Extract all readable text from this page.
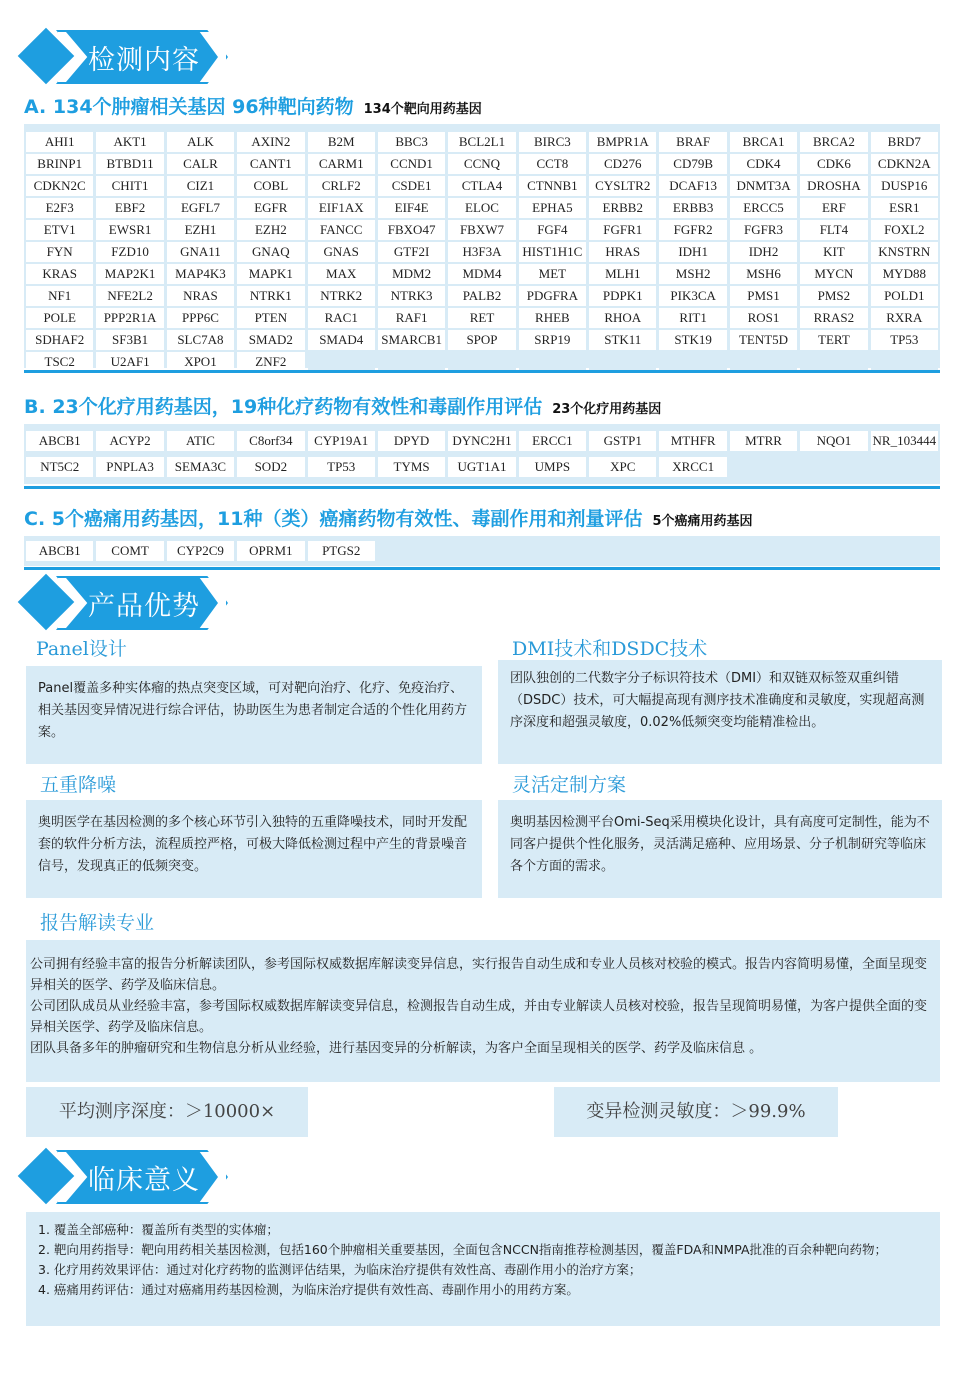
检测内容
A. 134个肿瘤相关基因 96种靶向药物 134个靶向用药基因
AHI1	AKT1	ALK	AXIN2	B2M	BBC3	BCL2L1	BIRC3	BMPR1A	BRAF	BRCA1	BRCA2	BRD7
BRINP1	BTBD11	CALR	CANT1	CARM1	CCND1	CCNQ	CCT8	CD276	CD79B	CDK4	CDK6	CDKN2A
CDKN2C	CHIT1	CIZ1	COBL	CRLF2	CSDE1	CTLA4	CTNNB1	CYSLTR2	DCAF13	DNMT3A	DROSHA	DUSP16
E2F3	EBF2	EGFL7	EGFR	EIF1AX	EIF4E	ELOC	EPHA5	ERBB2	ERBB3	ERCC5	ERF	ESR1
ETV1	EWSR1	EZH1	EZH2	FANCC	FBXO47	FBXW7	FGF4	FGFR1	FGFR2	FGFR3	FLT4	FOXL2
FYN	FZD10	GNA11	GNAQ	GNAS	GTF2I	H3F3A	HIST1H1C	HRAS	IDH1	IDH2	KIT	KNSTRN
KRAS	MAP2K1	MAP4K3	MAPK1	MAX	MDM2	MDM4	MET	MLH1	MSH2	MSH6	MYCN	MYD88
NF1	NFE2L2	NRAS	NTRK1	NTRK2	NTRK3	PALB2	PDGFRA	PDPK1	PIK3CA	PMS1	PMS2	POLD1
POLE	PPP2R1A	PPP6C	PTEN	RAC1	RAF1	RET	RHEB	RHOA	RIT1	ROS1	RRAS2	RXRA
SDHAF2	SF3B1	SLC7A8	SMAD2	SMAD4	SMARCB1	SPOP	SRP19	STK11	STK19	TENT5D	TERT	TP53
TSC2	U2AF1	XPO1	ZNF2
B. 23个化疗用药基因，19种化疗药物有效性和毒副作用评估 23个化疗用药基因
ABCB1	ACYP2	ATIC	C8orf34	CYP19A1	DPYD	DYNC2H1	ERCC1	GSTP1	MTHFR	MTRR	NQO1	NR_103444
NT5C2	PNPLA3	SEMA3C	SOD2	TP53	TYMS	UGT1A1	UMPS	XPC	XRCC1
C. 5个癌痛用药基因，11种（类）癌痛药物有效性、毒副作用和剂量评估 5个癌痛用药基因
ABCB1	COMT	CYP2C9	OPRM1	PTGS2
产品优势
Panel设计
Panel覆盖多种实体瘤的热点突变区域，可对靶向治疗、化疗、免疫治疗、相关基因变异情况进行综合评估，协助医生为患者制定合适的个性化用药方案。
DMI技术和DSDC技术
团队独创的二代数字分子标识符技术（DMI）和双链双标签双重纠错（DSDC）技术，可大幅提高现有测序技术准确度和灵敏度，实现超高测序深度和超强灵敏度，0.02%低频突变均能精准检出。
五重降噪
奥明医学在基因检测的多个核心环节引入独特的五重降噪技术，同时开发配套的软件分析方法，流程质控严格，可极大降低检测过程中产生的背景噪音信号，发现真正的低频突变。
灵活定制方案
奥明基因检测平台Omi-Seq采用模块化设计，具有高度可定制性，能为不同客户提供个性化服务，灵活满足癌种、应用场景、分子机制研究等临床各个方面的需求。
报告解读专业
公司拥有经验丰富的报告分析解读团队，参考国际权威数据库解读变异信息，实行报告自动生成和专业人员核对校验的模式。报告内容简明易懂，全面呈现变异相关的医学、药学及临床信息。
公司团队成员从业经验丰富，参考国际权威数据库解读变异信息，检测报告自动生成，并由专业解读人员核对校验，报告呈现简明易懂，为客户提供全面的变异相关医学、药学及临床信息。
团队具备多年的肿瘤研究和生物信息分析从业经验，进行基因变异的分析解读，为客户全面呈现相关的医学、药学及临床信息 。
平均测序深度：＞10000×	变异检测灵敏度：＞99.9%
临床意义
1. 覆盖全部癌种：覆盖所有类型的实体瘤；
2. 靶向用药指导：靶向用药相关基因检测，包括160个肿瘤相关重要基因，全面包含NCCN指南推荐检测基因，覆盖FDA和NMPA批准的百余种靶向药物；
3. 化疗用药效果评估：通过对化疗药物的监测评估结果，为临床治疗提供有效性高、毒副作用小的治疗方案；
4. 癌痛用药评估：通过对癌痛用药基因检测，为临床治疗提供有效性高、毒副作用小的用药方案。
